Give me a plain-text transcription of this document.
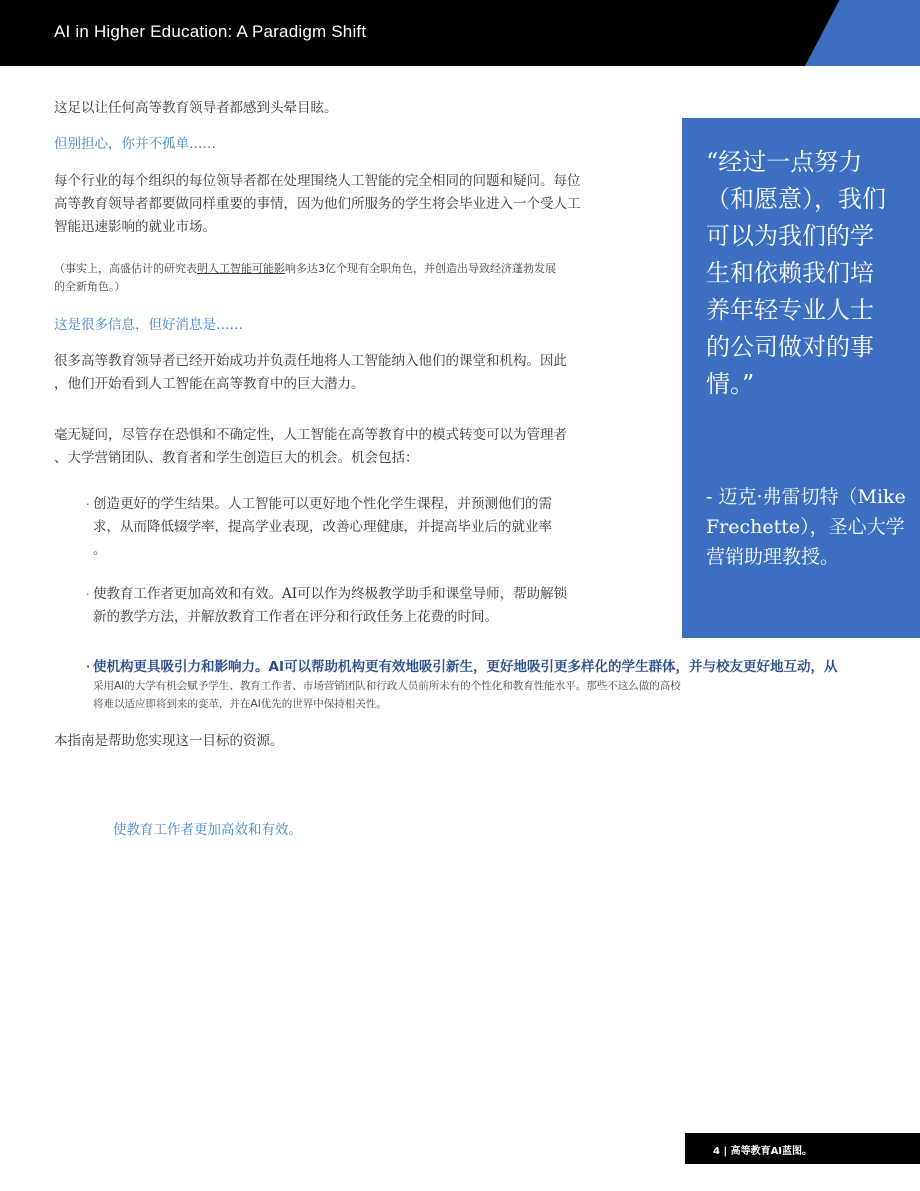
AI in Higher Education: A Paradigm Shift
这足以让任何高等教育领导者都感到头晕目眩。
但别担心，你并不孤单……
每个行业的每个组织的每位领导者都在处理围绕人工智能的完全相同的问题和疑问。每位
高等教育领导者都要做同样重要的事情，因为他们所服务的学生将会毕业进入一个受人工
智能迅速影响的就业市场。
（事实上，高盛估计的研究表明人工智能可能影响多达3亿个现有全职角色，并创造出导致经济蓬勃发展
的全新角色。）
这是很多信息，但好消息是……
很多高等教育领导者已经开始成功并负责任地将人工智能纳入他们的课堂和机构。因此
，他们开始看到人工智能在高等教育中的巨大潜力。
毫无疑问，尽管存在恐惧和不确定性，人工智能在高等教育中的模式转变可以为管理者
、大学营销团队、教育者和学生创造巨大的机会。机会包括：
· 创造更好的学生结果。人工智能可以更好地个性化学生课程，并预测他们的需
求，从而降低辍学率，提高学业表现，改善心理健康，并提高毕业后的就业率
。
· 使教育工作者更加高效和有效。AI可以作为终极教学助手和课堂导师，帮助解锁
新的教学方法，并解放教育工作者在评分和行政任务上花费的时间。
· 使机构更具吸引力和影响力。AI可以帮助机构更有效地吸引新生，更好地吸引更多样化的学生群体，并与校友更好地互动，从
采用AI的大学有机会赋予学生、教育工作者、市场营销团队和行政人员前所未有的个性化和教育性能水平。那些不这么做的高校
将难以适应即将到来的变革，并在AI优先的世界中保持相关性。
本指南是帮助您实现这一目标的资源。
使教育工作者更加高效和有效。
“经过一点努力（和愿意），我们可以为我们的学生和依赖我们培养年轻专业人士的公司做对的事情。”
- 迈克·弗雷切特（Mike Frechette），圣心大学营销助理教授。
4 | 高等教育AI蓝图。
